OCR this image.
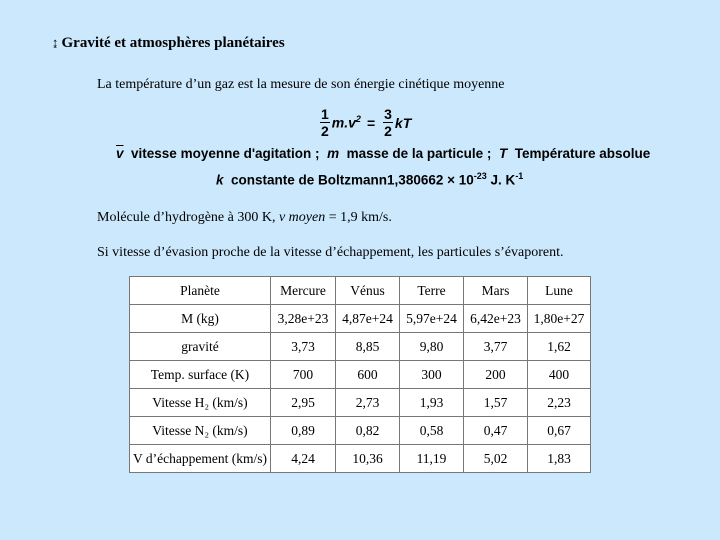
↨ Gravité et atmosphères planétaires
La température d’un gaz est la mesure de son énergie cinétique moyenne
$\frac{1}{2} m.v^2 = \frac{3}{2}$ kT
$\overline{v}$ vitesse moyenne d'agitation ; m masse de la particule ; T Température absolue
k constante de Boltzmann1,380662 × $10^{-23}$ J. $K^{-1}$
Molécule d’hydrogène à 300 K, v moyen = 1,9 km/s.
Si vitesse d’évasion proche de la vitesse d’échappement, les particules s’évaporent.
Planète	Mercure	Vénus	Terre	Mars	Lune
M (kg)	3,28e+23	4,87e+24	5,97e+24	6,42e+23	1,80e+27
gravité	3,73	8,85	9,80	3,77	1,62
Temp. surface (K)	700	600	300	200	400
Vitesse H₂ (km/s)	2,95	2,73	1,93	1,57	2,23
Vitesse N₂ (km/s)	0,89	0,82	0,58	0,47	0,67
V d’échappement (km/s)	4,24	10,36	11,19	5,02	1,83
